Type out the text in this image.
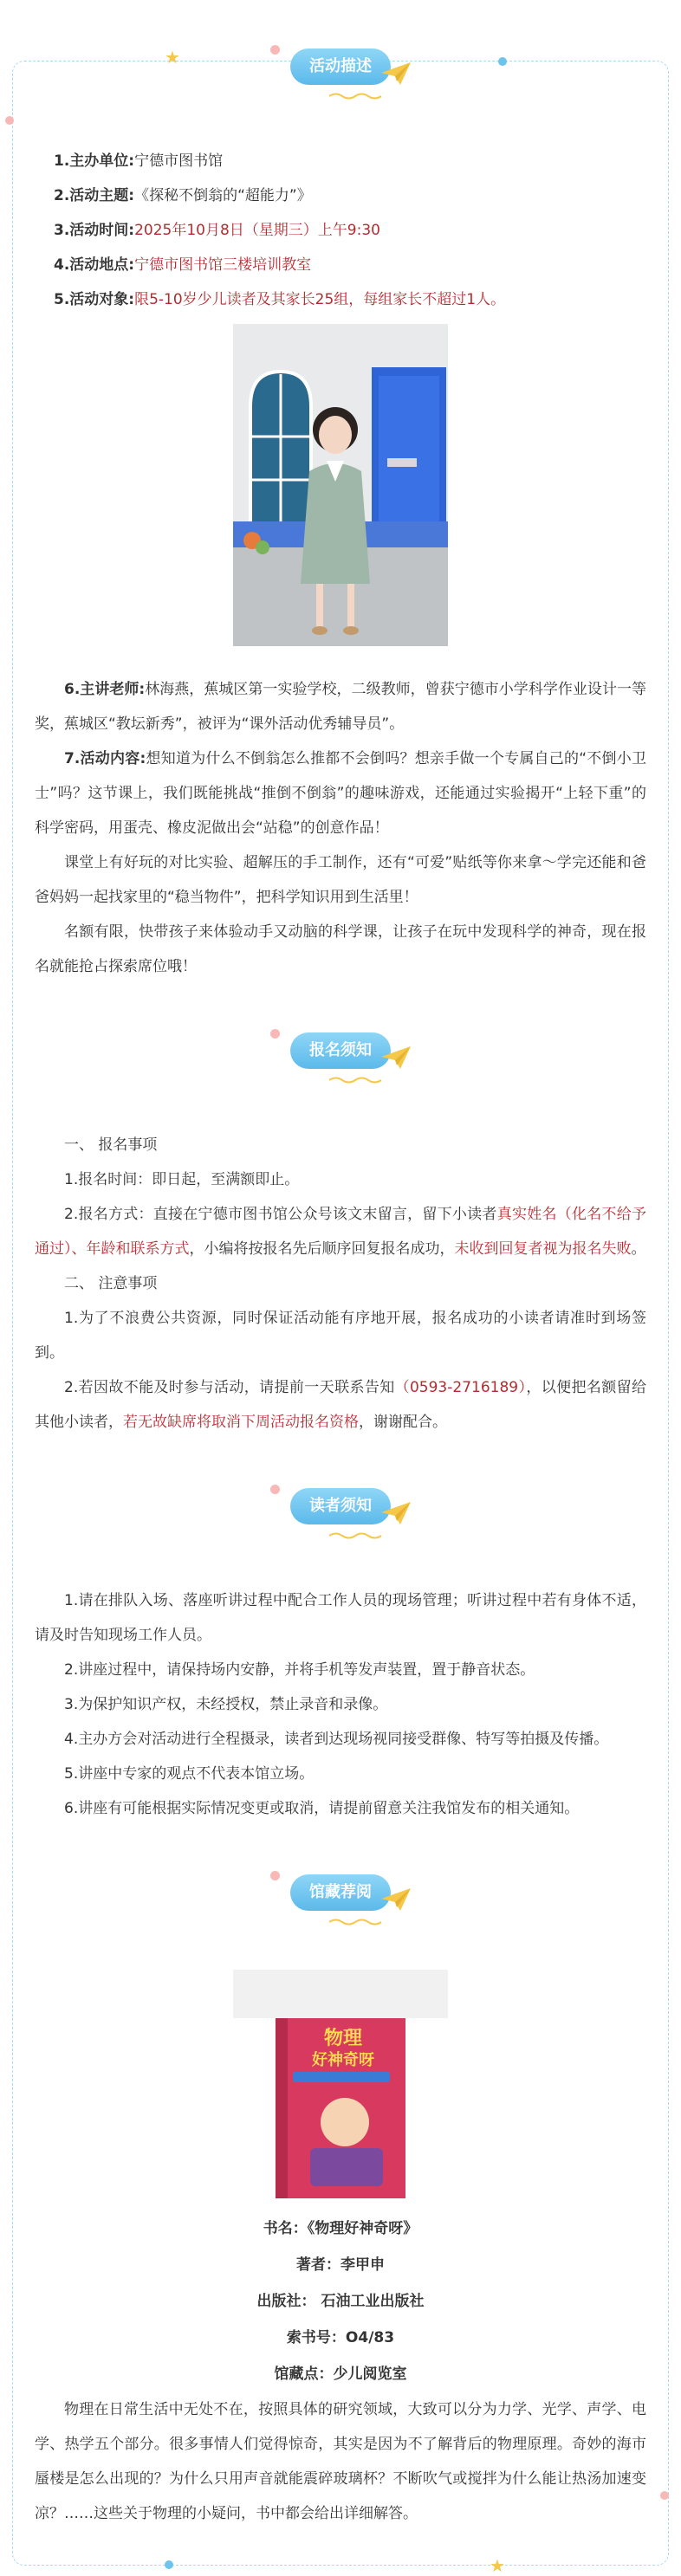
★
★
活动描述

1.主办单位:宁德市图书馆

2.活动主题:《探秘不倒翁的“超能力”》

3.活动时间:2025年10月8日（星期三）上午9:30

4.活动地点:宁德市图书馆三楼培训教室

5.活动对象:限5-10岁少儿读者及其家长25组，每组家长不超过1人。

6.主讲老师:林海燕，蕉城区第一实验学校，二级教师，曾获宁德市小学科学作业设计一等奖，蕉城区“教坛新秀”，被评为“课外活动优秀辅导员”。

7.活动内容:想知道为什么不倒翁怎么推都不会倒吗？想亲手做一个专属自己的“不倒小卫士”吗？这节课上，我们既能挑战“推倒不倒翁”的趣味游戏，还能通过实验揭开“上轻下重”的科学密码，用蛋壳、橡皮泥做出会“站稳”的创意作品！

课堂上有好玩的对比实验、超解压的手工制作，还有“可爱”贴纸等你来拿～学完还能和爸爸妈妈一起找家里的“稳当物件”，把科学知识用到生活里！

名额有限，快带孩子来体验动手又动脑的科学课，让孩子在玩中发现科学的神奇，现在报名就能抢占探索席位哦！

报名须知

一、 报名事项

1.报名时间：即日起，至满额即止。

2.报名方式：直接在宁德市图书馆公众号该文末留言，留下小读者真实姓名（化名不给予通过）、年龄和联系方式，小编将按报名先后顺序回复报名成功，未收到回复者视为报名失败。

二、 注意事项

1.为了不浪费公共资源，同时保证活动能有序地开展，报名成功的小读者请准时到场签到。

2.若因故不能及时参与活动，请提前一天联系告知（0593-2716189），以便把名额留给其他小读者，若无故缺席将取消下周活动报名资格，谢谢配合。

读者须知

1.请在排队入场、落座听讲过程中配合工作人员的现场管理；听讲过程中若有身体不适，请及时告知现场工作人员。

2.讲座过程中，请保持场内安静，并将手机等发声装置，置于静音状态。

3.为保护知识产权，未经授权，禁止录音和录像。

4.主办方会对活动进行全程摄录，读者到达现场视同接受群像、特写等拍摄及传播。

5.讲座中专家的观点不代表本馆立场。

6.讲座有可能根据实际情况变更或取消，请提前留意关注我馆发布的相关通知。

馆藏荐阅
物理
好神奇呀

书名：《物理好神奇呀》

著者：李甲申

出版社： 石油工业出版社

索书号：O4/83

馆藏点：少儿阅览室

物理在日常生活中无处不在，按照具体的研究领域，大致可以分为力学、光学、声学、电学、热学五个部分。很多事情人们觉得惊奇，其实是因为不了解背后的物理原理。奇妙的海市蜃楼是怎么出现的？为什么只用声音就能震碎玻璃杯？不断吹气或搅拌为什么能让热汤加速变凉？……这些关于物理的小疑问，书中都会给出详细解答。
